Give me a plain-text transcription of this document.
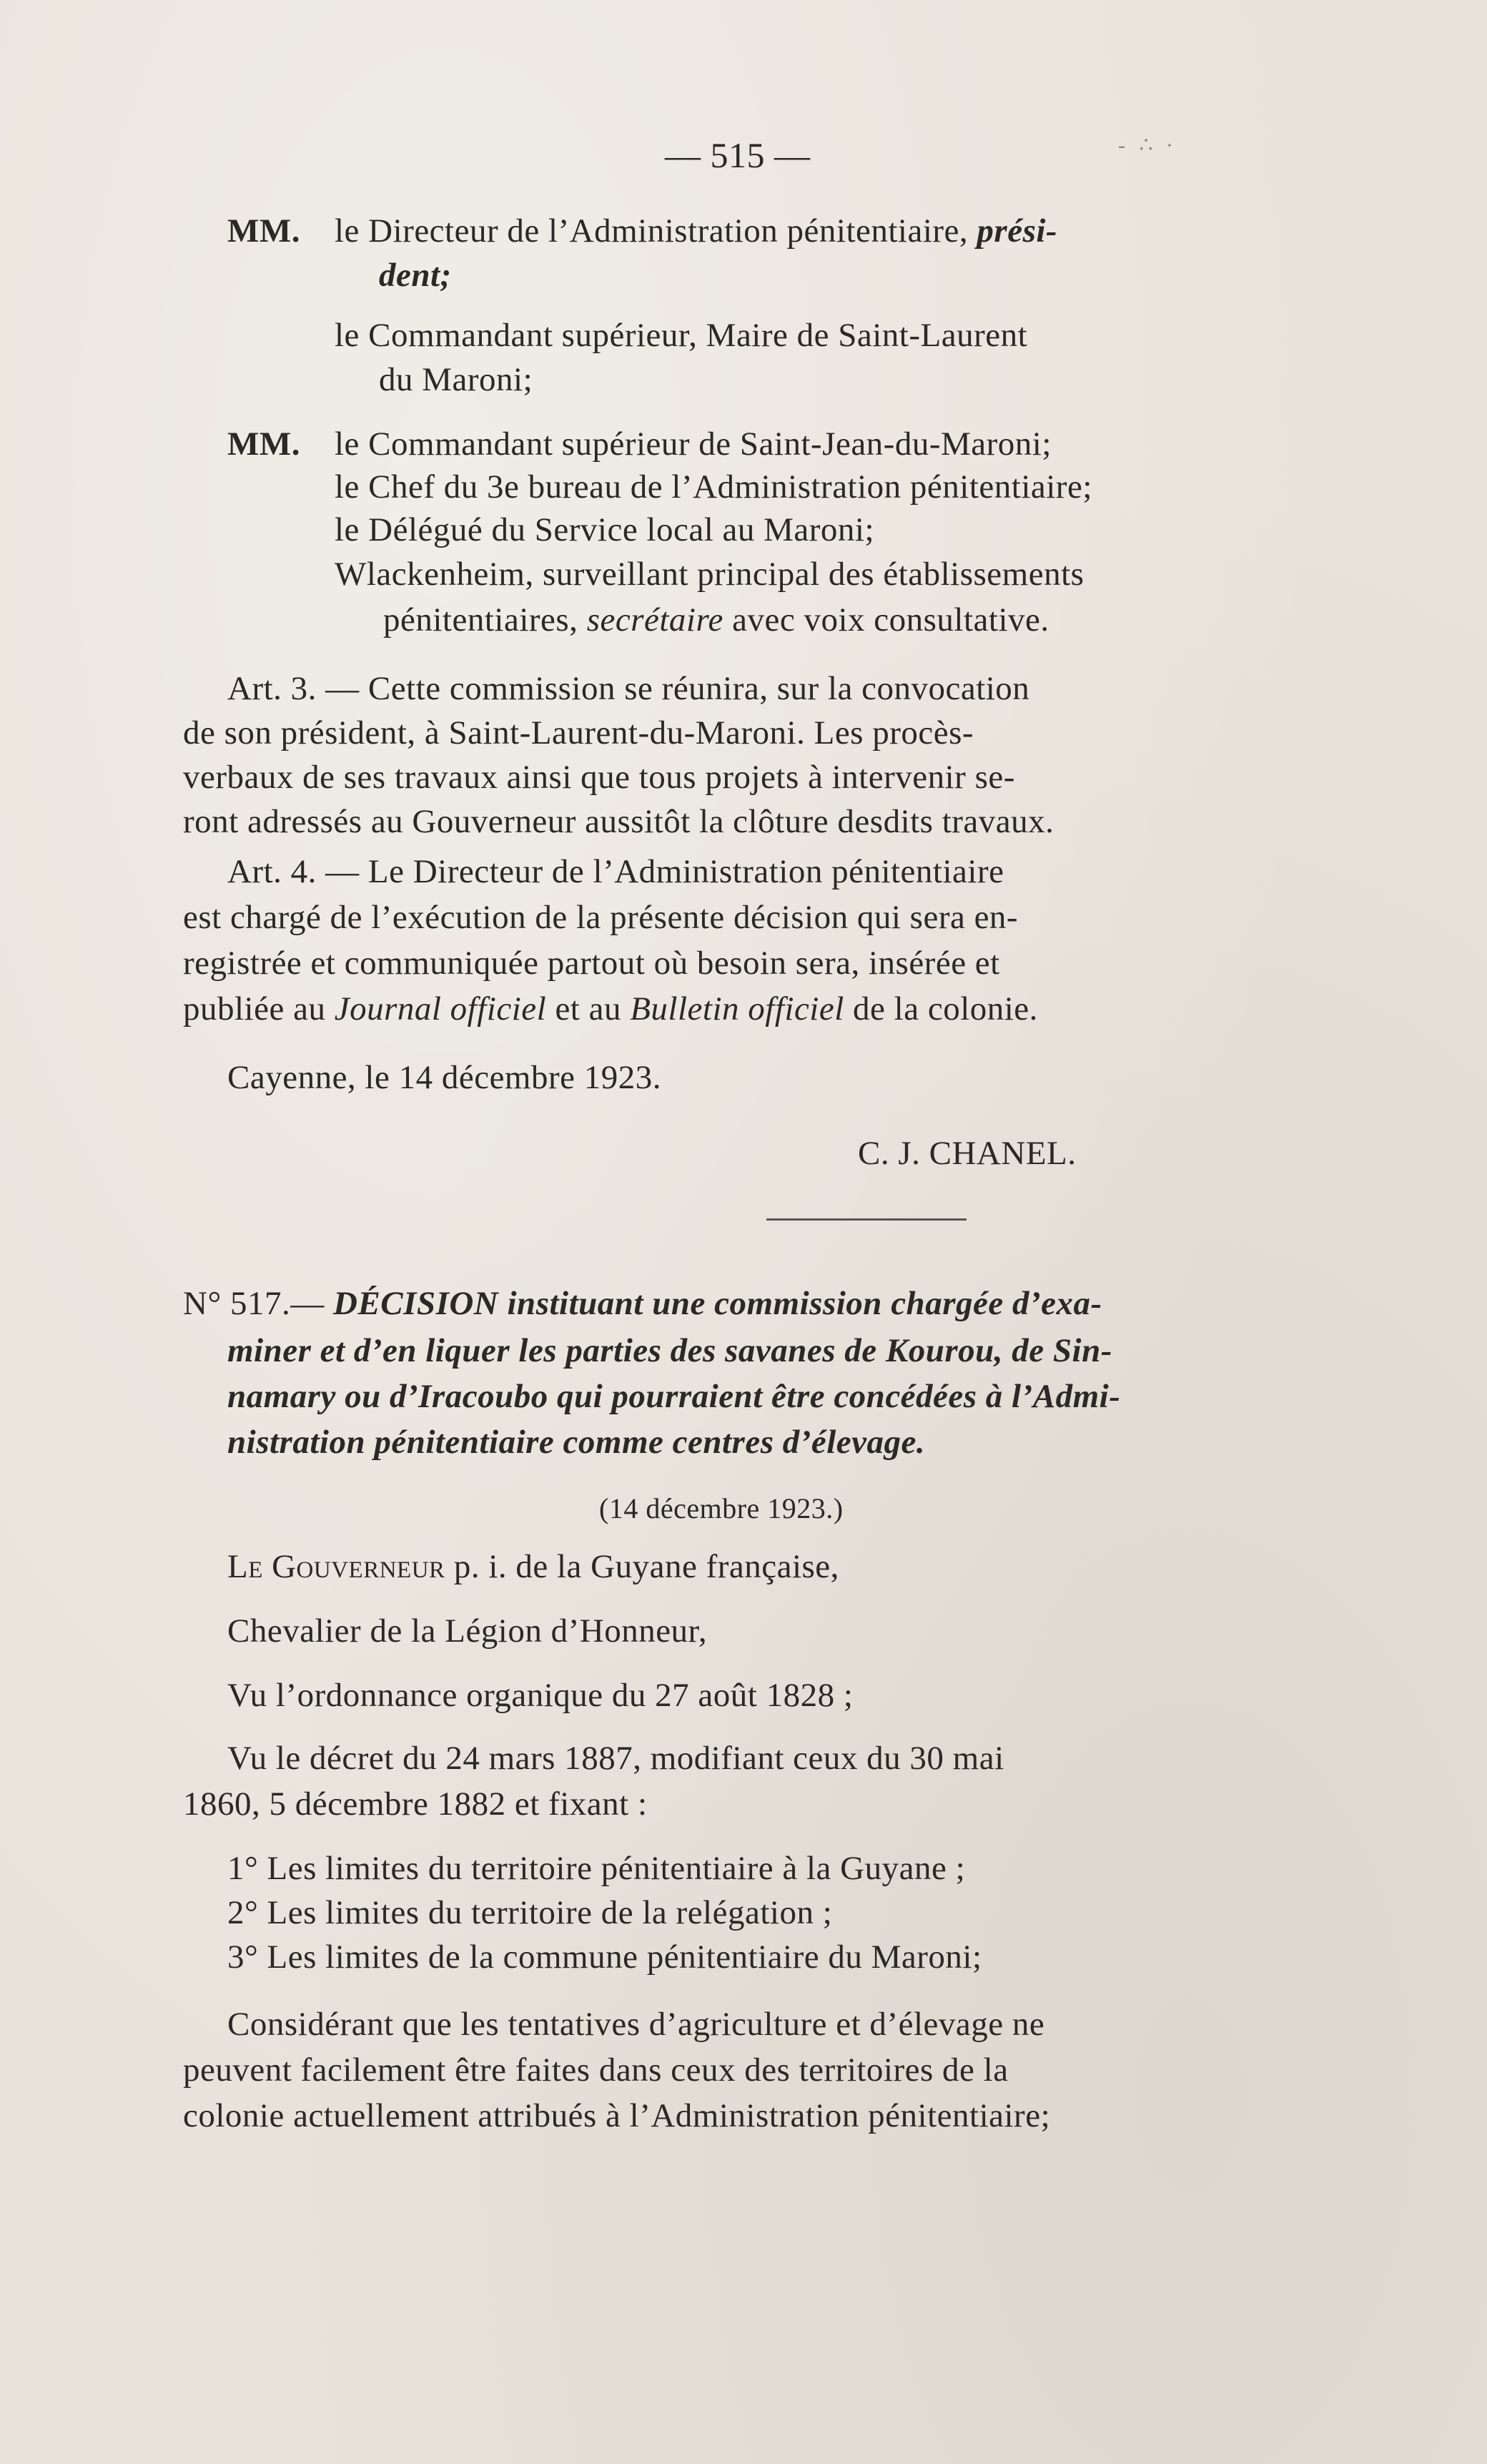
— 515 —	- ∴ ∙
MM. le Directeur de l’Administration pénitentiaire, prési-
dent;
le Commandant supérieur, Maire de Saint-Laurent
du Maroni;
MM. le Commandant supérieur de Saint-Jean-du-Maroni;
le Chef du 3e bureau de l’Administration pénitentiaire;
le Délégué du Service local au Maroni;
Wlackenheim, surveillant principal des établissements
pénitentiaires, secrétaire avec voix consultative.
Art. 3. — Cette commission se réunira, sur la convocation
de son président, à Saint-Laurent-du-Maroni. Les procès-
verbaux de ses travaux ainsi que tous projets à intervenir se-
ront adressés au Gouverneur aussitôt la clôture desdits travaux.
Art. 4. — Le Directeur de l’Administration pénitentiaire
est chargé de l’exécution de la présente décision qui sera en-
registrée et communiquée partout où besoin sera, insérée et
publiée au Journal officiel et au Bulletin officiel de la colonie.
Cayenne, le 14 décembre 1923.
C. J. CHANEL.
N° 517.— DÉCISION instituant une commission chargée d’exa-
miner et d’en liquer les parties des savanes de Kourou, de Sin-
namary ou d’Iracoubo qui pourraient être concédées à l’Admi-
nistration pénitentiaire comme centres d’élevage.
(14 décembre 1923.)
Le Gouverneur p. i. de la Guyane française,
Chevalier de la Légion d’Honneur,
Vu l’ordonnance organique du 27 août 1828 ;
Vu le décret du 24 mars 1887, modifiant ceux du 30 mai
1860, 5 décembre 1882 et fixant :
1° Les limites du territoire pénitentiaire à la Guyane ;
2° Les limites du territoire de la relégation ;
3° Les limites de la commune pénitentiaire du Maroni;
Considérant que les tentatives d’agriculture et d’élevage ne
peuvent facilement être faites dans ceux des territoires de la
colonie actuellement attribués à l’Administration pénitentiaire;
